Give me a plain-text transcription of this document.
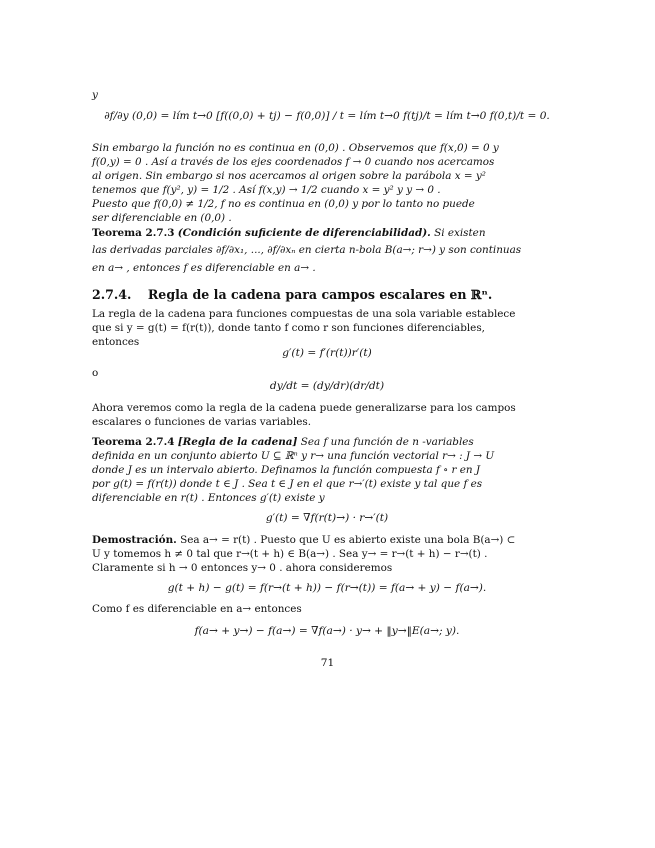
y
∂f/∂y (0,0) = lím t→0 [f((0,0) + tj) − f(0,0)] / t = lím t→0 f(tj)/t = lím t→0 f(0,t)/t = 0.
Sin embargo la función no es continua en (0,0) . Observemos que f(x,0) = 0 y
f(0,y) = 0 . Así a través de los ejes coordenados f → 0 cuando nos acercamos
al origen. Sin embargo si nos acercamos al origen sobre la parábola x = y²
tenemos que f(y², y) = 1/2 . Así f(x,y) → 1/2 cuando x = y² y y → 0 .
Puesto que f(0,0) ≠ 1/2, f no es continua en (0,0) y por lo tanto no puede
ser diferenciable en (0,0) .
Teorema 2.7.3 (Condición suficiente de diferenciabilidad). Si existen
las derivadas parciales ∂f/∂x₁, ..., ∂f/∂xₙ en cierta n-bola B(a→; r→) y son continuas
en a→ , entonces f es diferenciable en a→ .
2.7.4. Regla de la cadena para campos escalares en ℝⁿ.
La regla de la cadena para funciones compuestas de una sola variable establece
que si y = g(t) = f(r(t)), donde tanto f como r son funciones diferenciables,
entonces
g′(t) = f′(r(t))r′(t)
o
dy/dt = (dy/dr)(dr/dt)
Ahora veremos como la regla de la cadena puede generalizarse para los campos
escalares o funciones de varias variables.
Teorema 2.7.4 [Regla de la cadena] Sea f una función de n -variables
definida en un conjunto abierto U ⊆ ℝⁿ y r→ una función vectorial r→ : J → U
donde J es un intervalo abierto. Definamos la función compuesta f ∘ r en J
por g(t) = f(r(t)) donde t ∈ J . Sea t ∈ J en el que r→′(t) existe y tal que f es
diferenciable en r(t) . Entonces g′(t) existe y
g′(t) = ∇f(r(t)→) · r→′(t)
Demostración. Sea a→ = r(t) . Puesto que U es abierto existe una bola B(a→) ⊂
U y tomemos h ≠ 0 tal que r→(t + h) ∈ B(a→) . Sea y→ = r→(t + h) − r→(t) .
Claramente si h → 0 entonces y→ 0 . ahora consideremos
g(t + h) − g(t) = f(r→(t + h)) − f(r→(t)) = f(a→ + y) − f(a→).
Como f es diferenciable en a→ entonces
f(a→ + y→) − f(a→) = ∇f(a→) · y→ + ‖y→‖E(a→; y).
71
